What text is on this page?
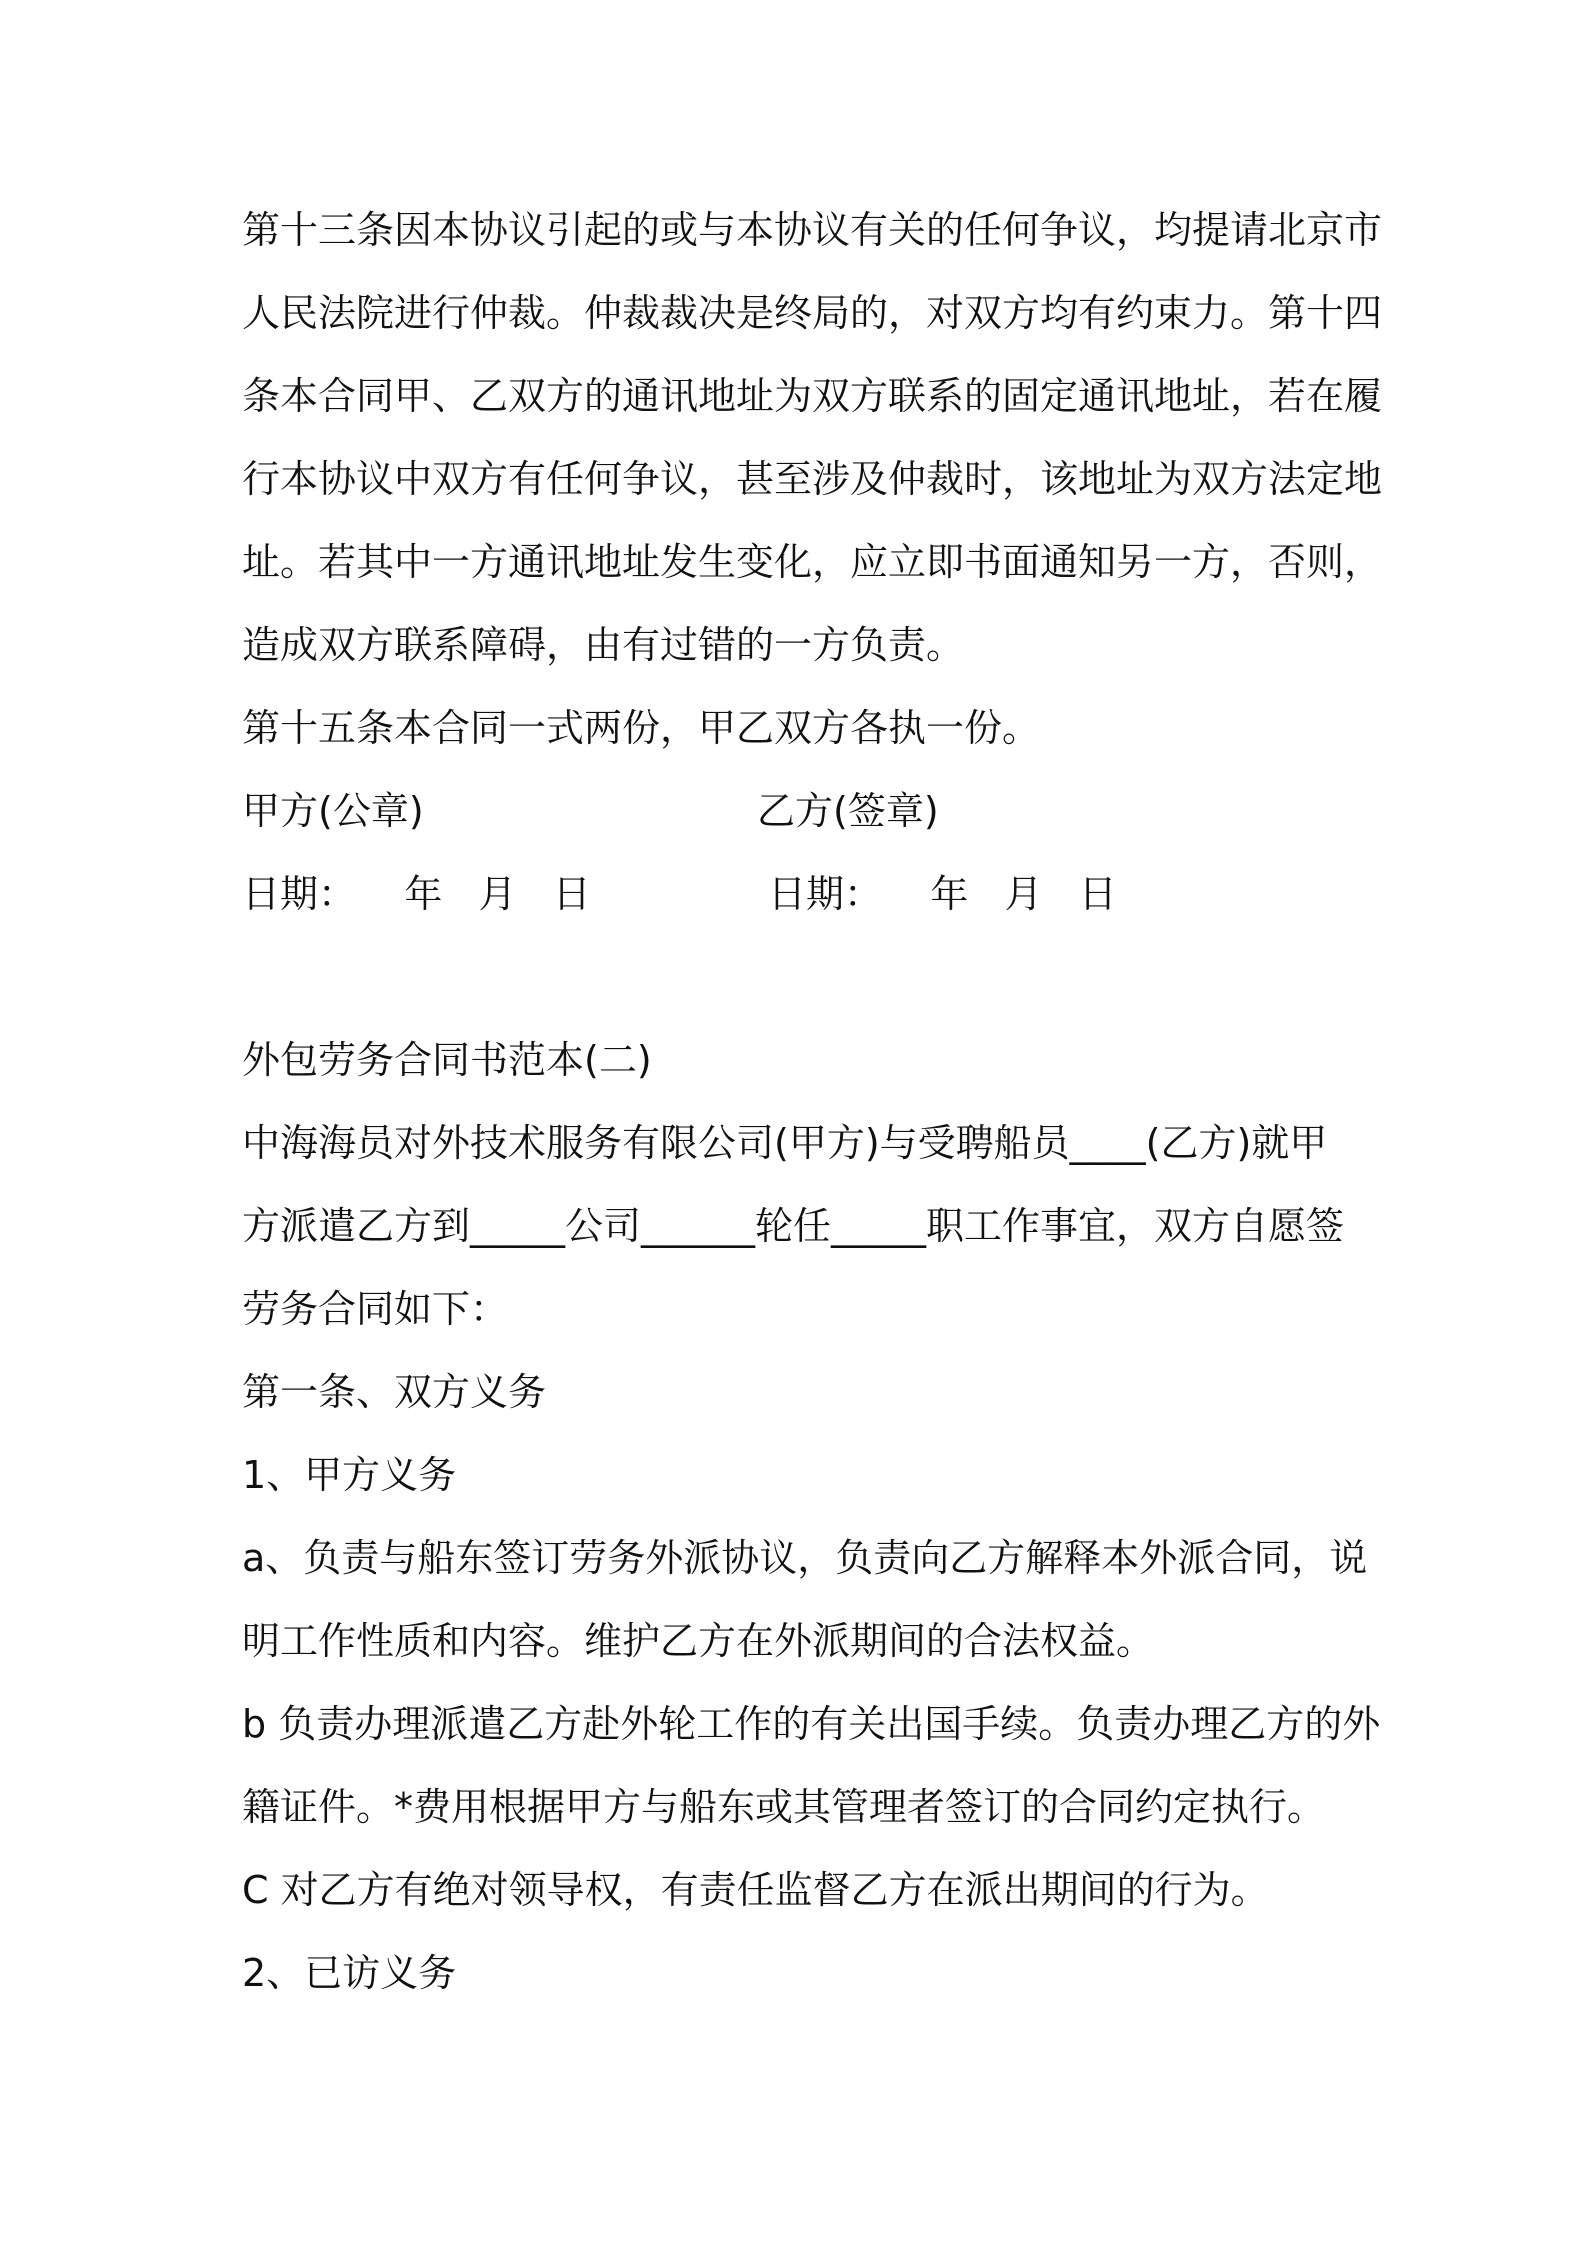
第十三条因本协议引起的或与本协议有关的任何争议，均提请北京市
人民法院进行仲裁。仲裁裁决是终局的，对双方均有约束力。第十四
条本合同甲、乙双方的通讯地址为双方联系的固定通讯地址，若在履
行本协议中双方有任何争议，甚至涉及仲裁时，该地址为双方法定地
址。若其中一方通讯地址发生变化，应立即书面通知另一方，否则，
造成双方联系障碍，由有过错的一方负责。
第十五条本合同一式两份，甲乙双方各执一份。
甲方(公章)	乙方(签章)
日期：    年   月   日	日期：    年   月   日
外包劳务合同书范本(二)
中海海员对外技术服务有限公司(甲方)与受聘船员____(乙方)就甲
方派遣乙方到_____公司______轮任_____职工作事宜，双方自愿签
劳务合同如下：
第一条、双方义务
1、甲方义务
a、负责与船东签订劳务外派协议，负责向乙方解释本外派合同，说
明工作性质和内容。维护乙方在外派期间的合法权益。
b 负责办理派遣乙方赴外轮工作的有关出国手续。负责办理乙方的外
籍证件。*费用根据甲方与船东或其管理者签订的合同约定执行。
C 对乙方有绝对领导权，有责任监督乙方在派出期间的行为。
2、已访义务
